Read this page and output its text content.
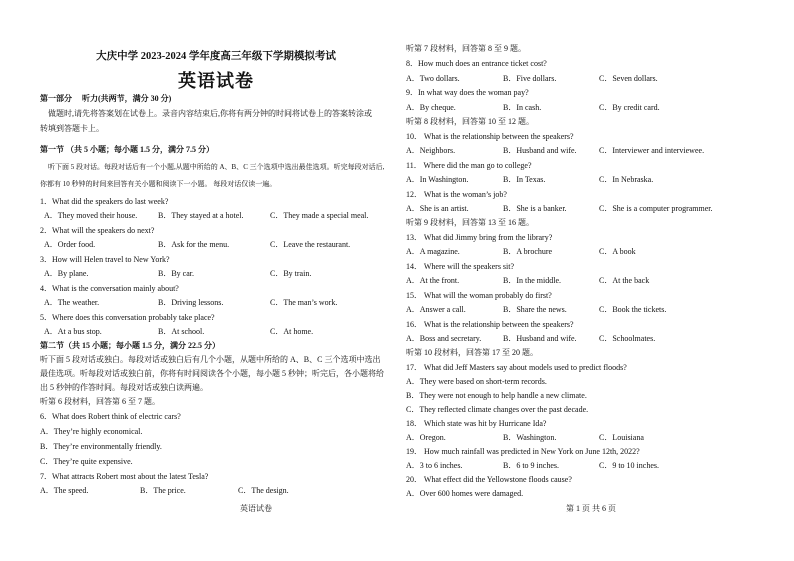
大庆中学 2023-2024 学年度高三年级下学期模拟考试
英语试卷
第一部分　 听力(共两节，满分 30 分)
做题时,请先将答案划在试卷上。录音内容结束后,你将有两分钟的时间将试卷上的答案转涂或
转填到答题卡上。
第一节 （共 5 小题；每小题 1.5 分，满分 7.5 分）
听下面 5 段对话。每段对话后有一个小题,从题中所给的 A、B、C 三个选项中选出最佳选项。听完每段对话后,
你都有 10 秒钟的时间来回答有关小题和阅读下一小题。 每段对话仅读一遍。
1．What did the speakers do last week?
A．They moved their house.	B．They stayed at a hotel.	C．They made a special meal.
2．What will the speakers do next?
A．Order food.	B．Ask for the menu.	C．Leave the restaurant.
3．How will Helen travel to New York?
A．By plane.	B．By car.	C．By train.
4．What is the conversation mainly about?
A．The weather.	B．Driving lessons.	C．The man’s work.
5．Where does this conversation probably take place?
A．At a bus stop.	B．At school.	C．At home.
第二节（共 15 小题；每小题 1.5 分，满分 22.5 分）
听下面 5 段对话或独白。每段对话或独白后有几个小题，从题中所给的 A、B、C 三个选项中选出
最佳选项。听每段对话或独白前，你将有时间阅读各个小题，每小题 5 秒钟；听完后，各小题将给
出 5 秒钟的作答时间。每段对话或独白读两遍。
听第 6 段材料，回答第 6 至 7 题。
6．What does Robert think of electric cars?
A．They’re highly economical.
B．They’re environmentally friendly.
C．They’re quite expensive.
7．What attracts Robert most about the latest Tesla?
A．The speed.	B．The price.	C．The design.
英语试卷
听第 7 段材料，回答第 8 至 9 题。
8．How much does an entrance ticket cost?
A．Two dollars.	B．Five dollars.	C．Seven dollars.
9．In what way does the woman pay?
A．By cheque.	B．In cash.	C．By credit card.
听第 8 段材料，回答第 10 至 12 题。
10． What is the relationship between the speakers?
A．Neighbors.	B．Husband and wife.	C．Interviewer and interviewee.
11． Where did the man go to college?
A．In Washington.	B．In Texas.	C．In Nebraska.
12． What is the woman’s job?
A．She is an artist.	B．She is a banker.	C．She is a computer programmer.
听第 9 段材料，回答第 13 至 16 题。
13． What did Jimmy bring from the library?
A．A magazine.	B．A brochure	C．A book
14． Where will the speakers sit?
A．At the front.	B．In the middle.	C．At the back
15． What will the woman probably do first?
A．Answer a call.	B．Share the news.	C．Book the tickets.
16． What is the relationship between the speakers?
A．Boss and secretary.	B．Husband and wife.	C．Schoolmates.
听第 10 段材料，回答第 17 至 20 题。
17． What did Jeff Masters say about models used to predict floods?
A．They were based on short-term records.
B．They were not enough to help handle a new climate.
C．They reflected climate changes over the past decade.
18． Which state was hit by Hurricane Ida?
A．Oregon.	B．Washington.	C．Louisiana
19． How much rainfall was predicted in New York on June 12th, 2022?
A．3 to 6 inches.	B．6 to 9 inches.	C．9 to 10 inches.
20． What effect did the Yellowstone floods cause?
A．Over 600 homes were damaged.
第 1 页 共 6 页
